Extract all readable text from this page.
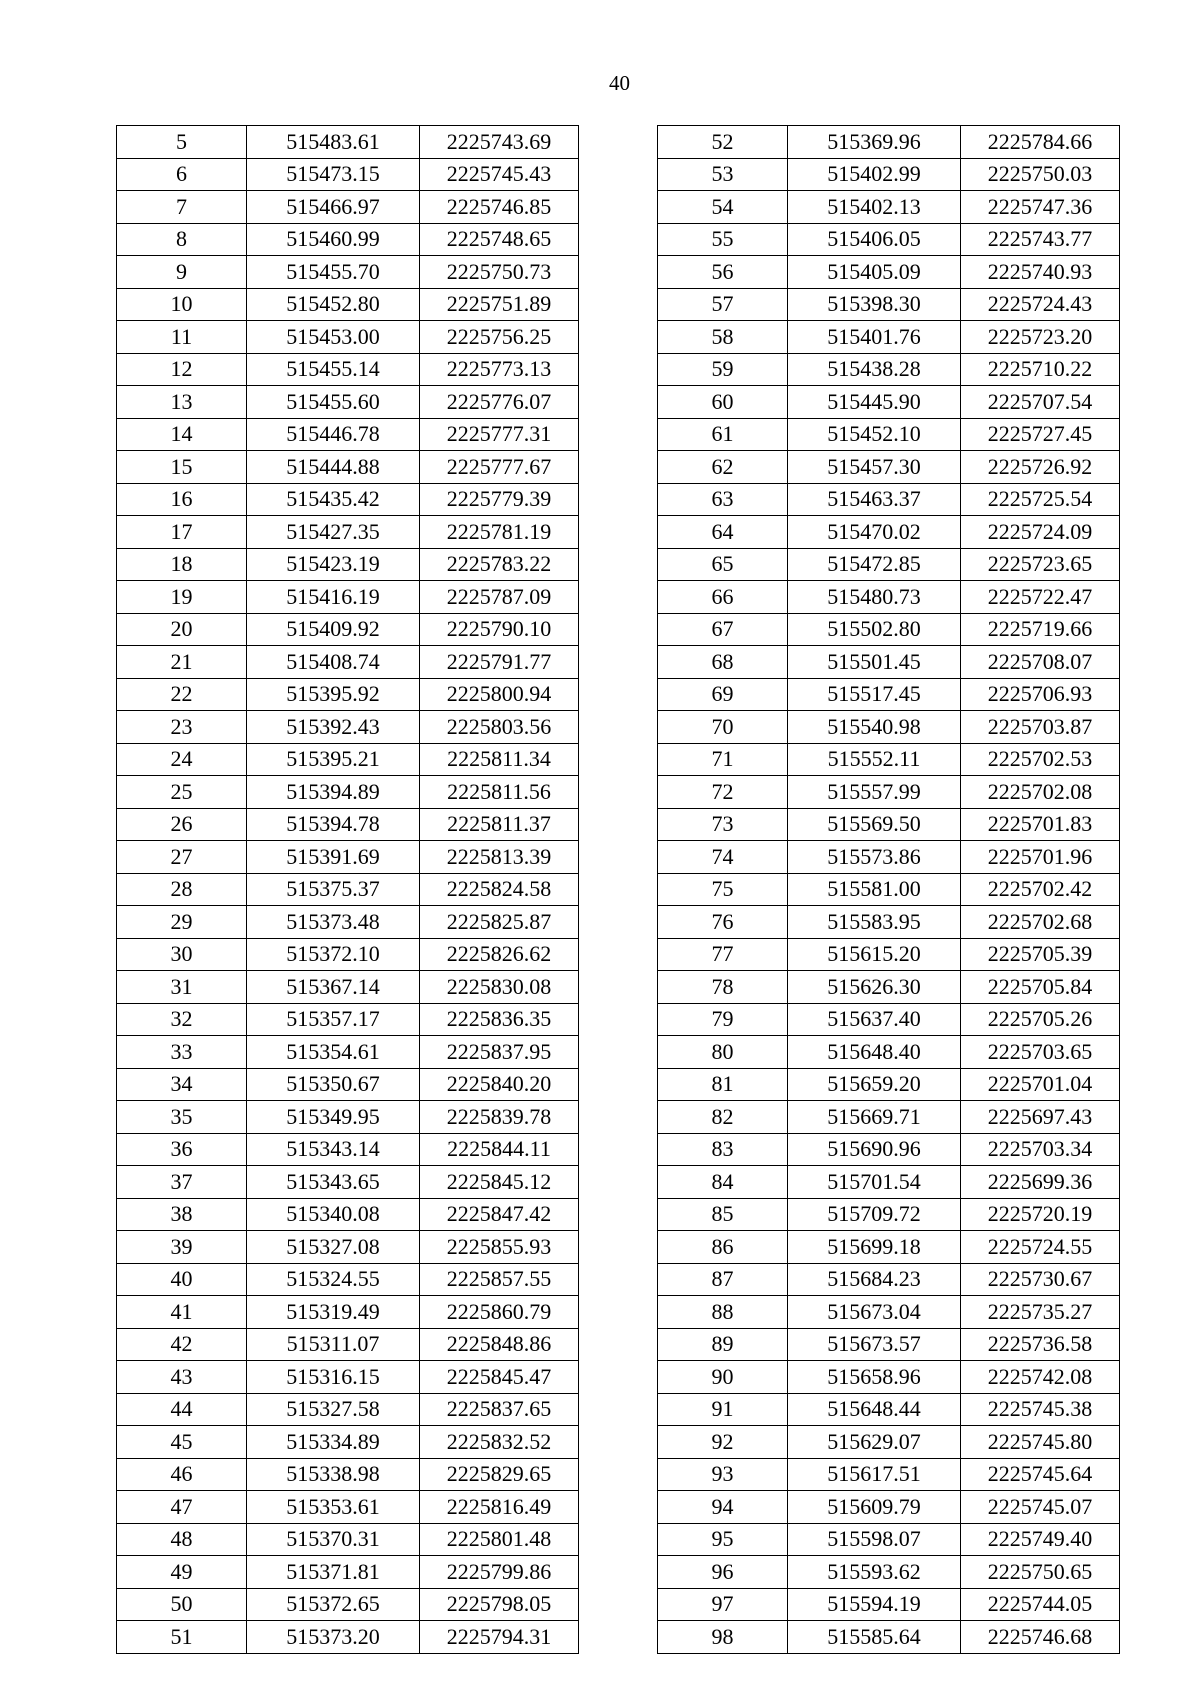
40
5	515483.61	2225743.69
6	515473.15	2225745.43
7	515466.97	2225746.85
8	515460.99	2225748.65
9	515455.70	2225750.73
10	515452.80	2225751.89
11	515453.00	2225756.25
12	515455.14	2225773.13
13	515455.60	2225776.07
14	515446.78	2225777.31
15	515444.88	2225777.67
16	515435.42	2225779.39
17	515427.35	2225781.19
18	515423.19	2225783.22
19	515416.19	2225787.09
20	515409.92	2225790.10
21	515408.74	2225791.77
22	515395.92	2225800.94
23	515392.43	2225803.56
24	515395.21	2225811.34
25	515394.89	2225811.56
26	515394.78	2225811.37
27	515391.69	2225813.39
28	515375.37	2225824.58
29	515373.48	2225825.87
30	515372.10	2225826.62
31	515367.14	2225830.08
32	515357.17	2225836.35
33	515354.61	2225837.95
34	515350.67	2225840.20
35	515349.95	2225839.78
36	515343.14	2225844.11
37	515343.65	2225845.12
38	515340.08	2225847.42
39	515327.08	2225855.93
40	515324.55	2225857.55
41	515319.49	2225860.79
42	515311.07	2225848.86
43	515316.15	2225845.47
44	515327.58	2225837.65
45	515334.89	2225832.52
46	515338.98	2225829.65
47	515353.61	2225816.49
48	515370.31	2225801.48
49	515371.81	2225799.86
50	515372.65	2225798.05
51	515373.20	2225794.31
52	515369.96	2225784.66
53	515402.99	2225750.03
54	515402.13	2225747.36
55	515406.05	2225743.77
56	515405.09	2225740.93
57	515398.30	2225724.43
58	515401.76	2225723.20
59	515438.28	2225710.22
60	515445.90	2225707.54
61	515452.10	2225727.45
62	515457.30	2225726.92
63	515463.37	2225725.54
64	515470.02	2225724.09
65	515472.85	2225723.65
66	515480.73	2225722.47
67	515502.80	2225719.66
68	515501.45	2225708.07
69	515517.45	2225706.93
70	515540.98	2225703.87
71	515552.11	2225702.53
72	515557.99	2225702.08
73	515569.50	2225701.83
74	515573.86	2225701.96
75	515581.00	2225702.42
76	515583.95	2225702.68
77	515615.20	2225705.39
78	515626.30	2225705.84
79	515637.40	2225705.26
80	515648.40	2225703.65
81	515659.20	2225701.04
82	515669.71	2225697.43
83	515690.96	2225703.34
84	515701.54	2225699.36
85	515709.72	2225720.19
86	515699.18	2225724.55
87	515684.23	2225730.67
88	515673.04	2225735.27
89	515673.57	2225736.58
90	515658.96	2225742.08
91	515648.44	2225745.38
92	515629.07	2225745.80
93	515617.51	2225745.64
94	515609.79	2225745.07
95	515598.07	2225749.40
96	515593.62	2225750.65
97	515594.19	2225744.05
98	515585.64	2225746.68
